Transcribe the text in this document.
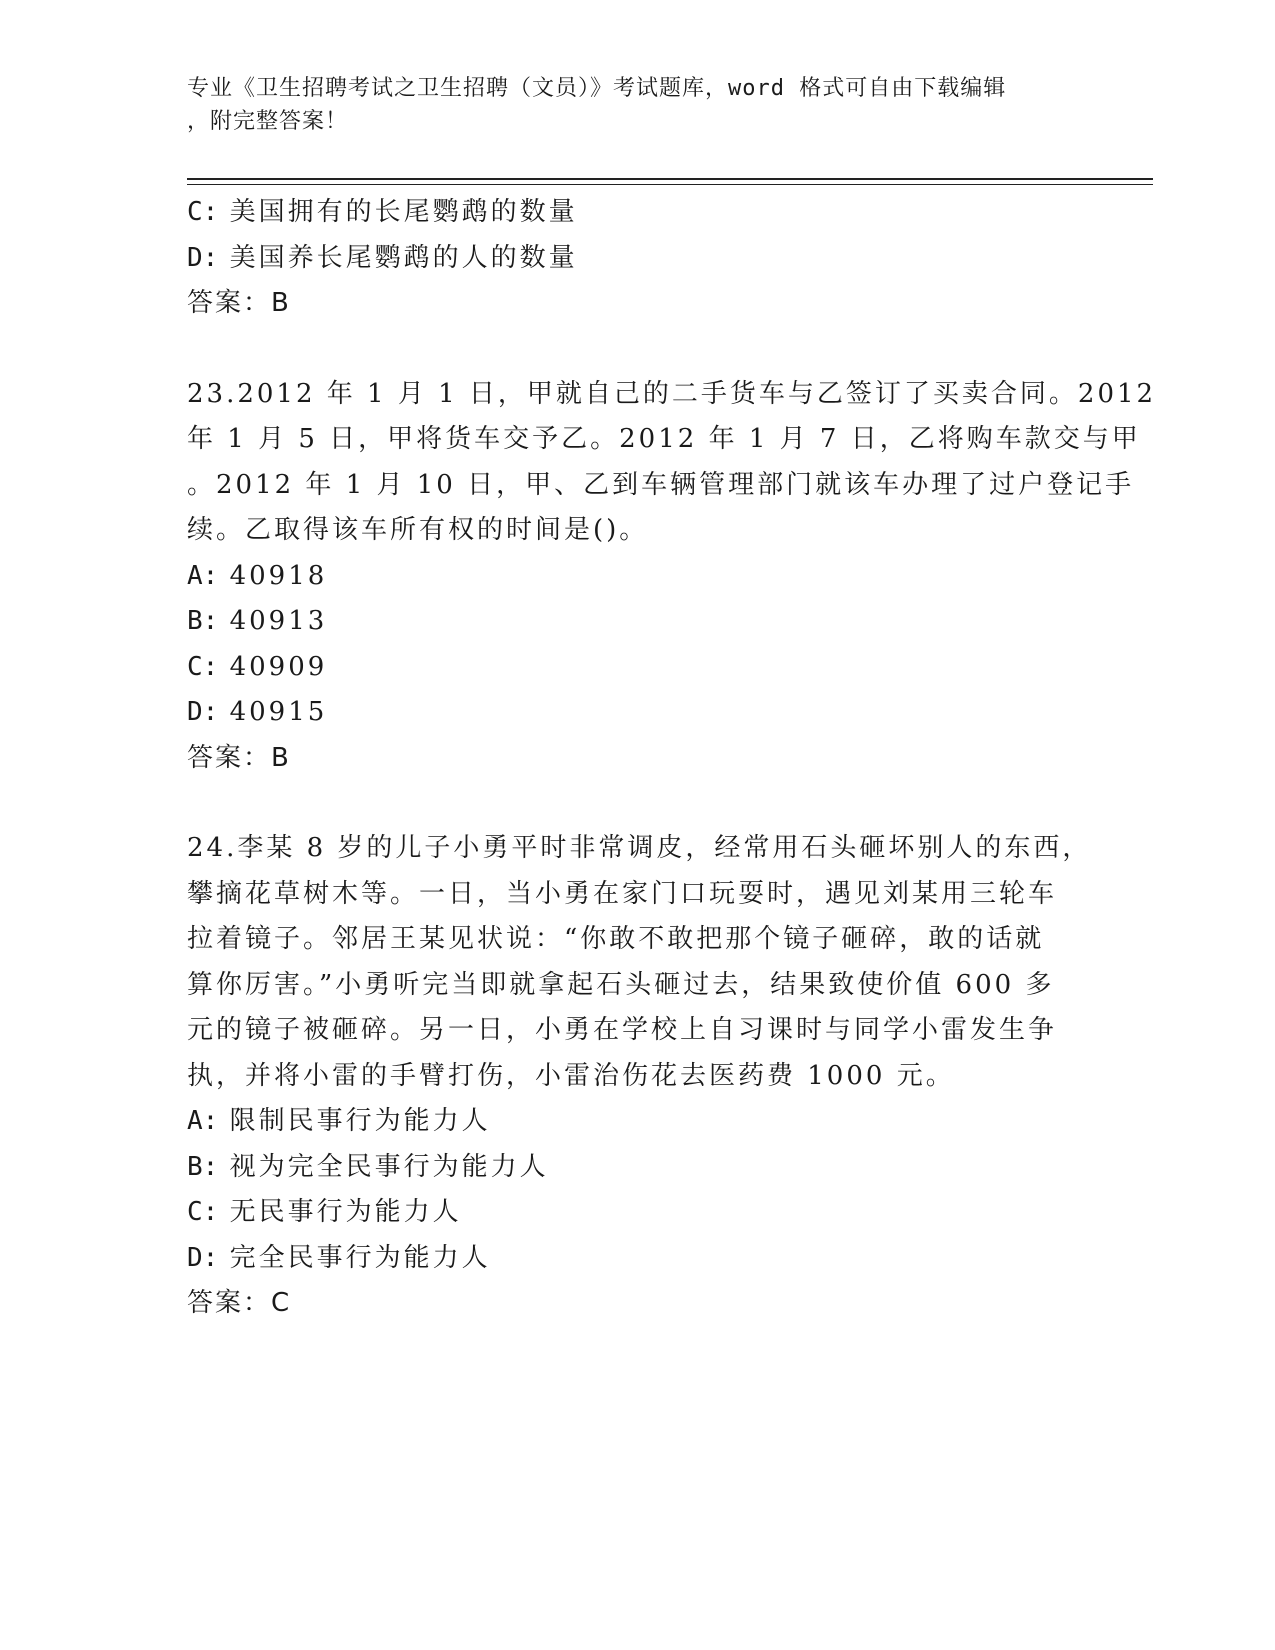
专业《卫生招聘考试之卫生招聘（文员）》考试题库，word 格式可自由下载编辑
，附完整答案！
C: 美国拥有的长尾鹦鹉的数量
D: 美国养长尾鹦鹉的人的数量
答案：B
23.2012 年 1 月 1 日，甲就自己的二手货车与乙签订了买卖合同。2012
年 1 月 5 日，甲将货车交予乙。2012 年 1 月 7 日，乙将购车款交与甲
。2012 年 1 月 10 日，甲、乙到车辆管理部门就该车办理了过户登记手
续。乙取得该车所有权的时间是()。
A: 40918
B: 40913
C: 40909
D: 40915
答案：B
24.李某 8 岁的儿子小勇平时非常调皮，经常用石头砸坏别人的东西，
攀摘花草树木等。一日，当小勇在家门口玩耍时，遇见刘某用三轮车
拉着镜子。邻居王某见状说：“你敢不敢把那个镜子砸碎，敢的话就
算你厉害。”小勇听完当即就拿起石头砸过去，结果致使价值 600 多
元的镜子被砸碎。另一日，小勇在学校上自习课时与同学小雷发生争
执，并将小雷的手臂打伤，小雷治伤花去医药费 1000 元。
A: 限制民事行为能力人
B: 视为完全民事行为能力人
C: 无民事行为能力人
D: 完全民事行为能力人
答案：C
